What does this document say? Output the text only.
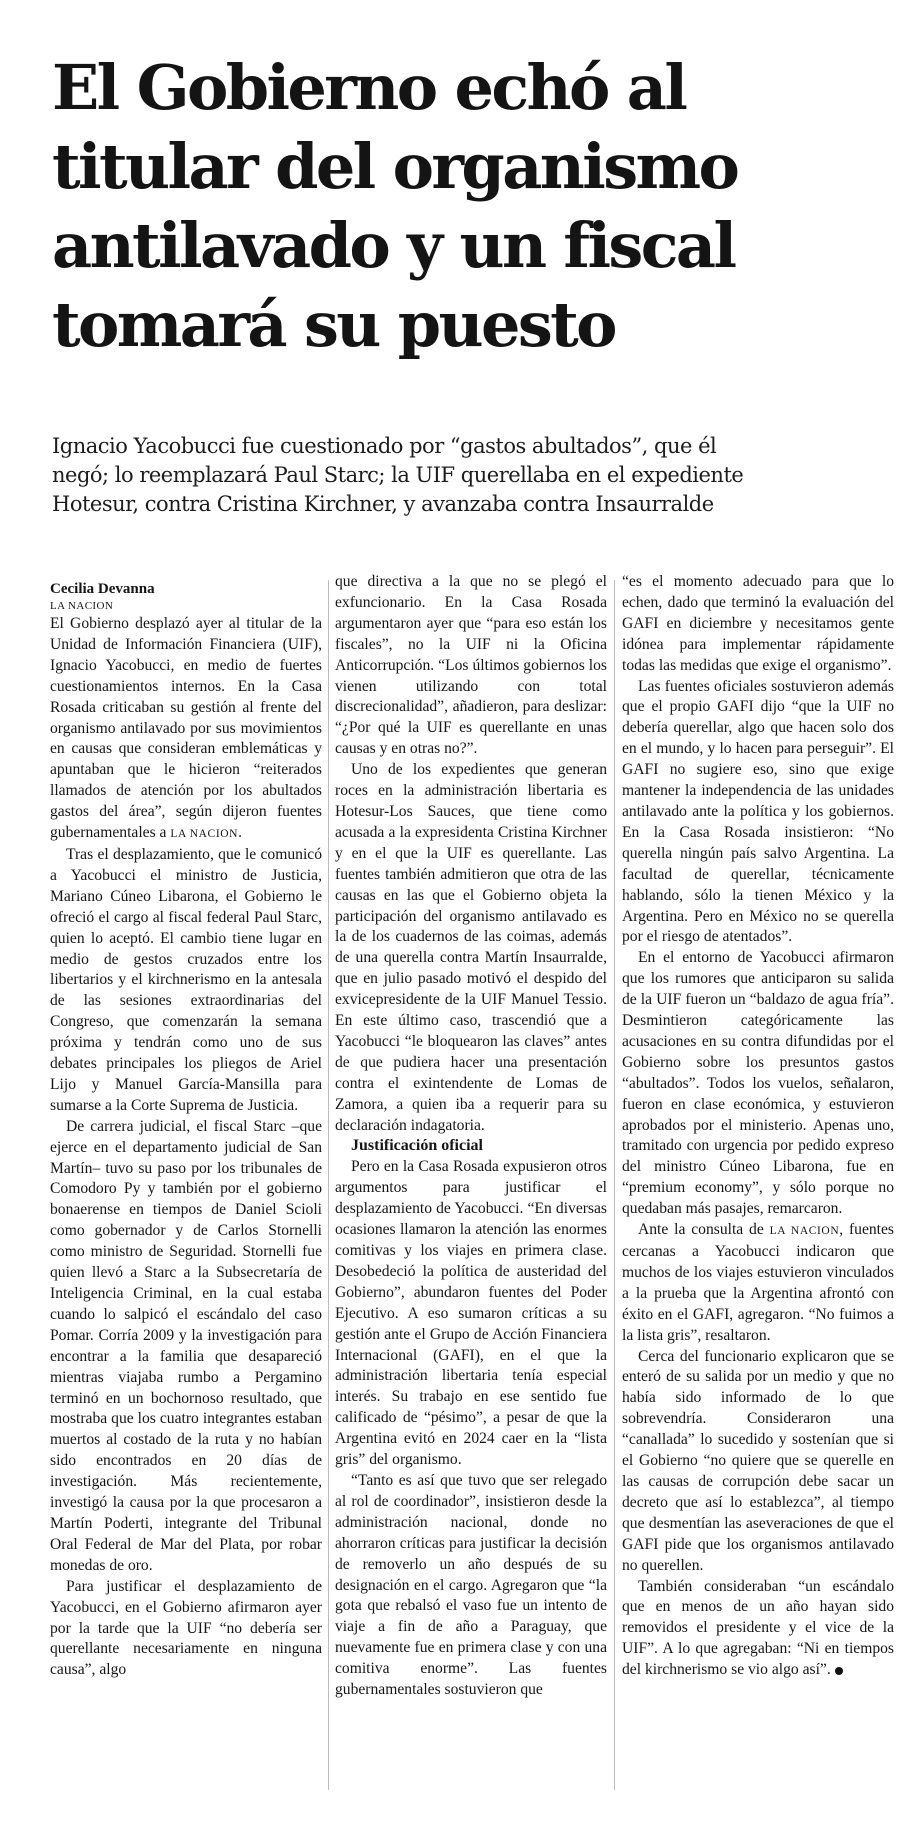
El Gobierno echó al
titular del organismo
antilavado y un fiscal
tomará su puesto
Ignacio Yacobucci fue cuestionado por “gastos abultados”, que él
negó; lo reemplazará Paul Starc; la UIF querellaba en el expediente
Hotesur, contra Cristina Kirchner, y avanzaba contra Insaurralde

Cecilia Devanna

LA NACION

El Gobierno desplazó ayer al titular de la Unidad de Información Financiera (UIF), Ignacio Yacobucci, en medio de fuertes cuestionamientos internos. En la Casa Rosada criticaban su gestión al frente del organismo antilavado por sus movimientos en causas que consideran emblemáticas y apuntaban que le hicieron “reiterados llamados de atención por los abultados gastos del área”, según dijeron fuentes gubernamentales a LA NACION.

Tras el desplazamiento, que le comunicó a Yacobucci el ministro de Justicia, Mariano Cúneo Libarona, el Gobierno le ofreció el cargo al fiscal federal Paul Starc, quien lo aceptó. El cambio tiene lugar en medio de gestos cruzados entre los libertarios y el kirchnerismo en la antesala de las sesiones extraordinarias del Congreso, que comenzarán la semana próxima y tendrán como uno de sus debates principales los pliegos de Ariel Lijo y Manuel García-Mansilla para sumarse a la Corte Suprema de Justicia.

De carrera judicial, el fiscal Starc –que ejerce en el departamento judicial de San Martín– tuvo su paso por los tribunales de Comodoro Py y también por el gobierno bonaerense en tiempos de Daniel Scioli como gobernador y de Carlos Stornelli como ministro de Seguridad. Stornelli fue quien llevó a Starc a la Subsecretaría de Inteligencia Criminal, en la cual estaba cuando lo salpicó el escándalo del caso Pomar. Corría 2009 y la investigación para encontrar a la familia que desapareció mientras viajaba rumbo a Pergamino terminó en un bochornoso resultado, que mostraba que los cuatro integrantes estaban muertos al costado de la ruta y no habían sido encontrados en 20 días de investigación. Más recientemente, investigó la causa por la que procesaron a Martín Poderti, integrante del Tribunal Oral Federal de Mar del Plata, por robar monedas de oro.

Para justificar el desplazamiento de Yacobucci, en el Gobierno afirmaron ayer por la tarde que la UIF “no debería ser querellante necesariamente en ninguna causa”, algo

que directiva a la que no se plegó el exfuncionario. En la Casa Rosada argumentaron ayer que “para eso están los fiscales”, no la UIF ni la Oficina Anticorrupción. “Los últimos gobiernos los vienen utilizando con total discrecionalidad”, añadieron, para deslizar: “¿Por qué la UIF es querellante en unas causas y en otras no?”.

Uno de los expedientes que generan roces en la administración libertaria es Hotesur-Los Sauces, que tiene como acusada a la expresidenta Cristina Kirchner y en el que la UIF es querellante. Las fuentes también admitieron que otra de las causas en las que el Gobierno objeta la participación del organismo antilavado es la de los cuadernos de las coimas, además de una querella contra Martín Insaurralde, que en julio pasado motivó el despido del exvicepresidente de la UIF Manuel Tessio. En este último caso, trascendió que a Yacobucci “le bloquearon las claves” antes de que pudiera hacer una presentación contra el exintendente de Lomas de Zamora, a quien iba a requerir para su declaración indagatoria.

Justificación oficial

Pero en la Casa Rosada expusieron otros argumentos para justificar el desplazamiento de Yacobucci. “En diversas ocasiones llamaron la atención las enormes comitivas y los viajes en primera clase. Desobedeció la política de austeridad del Gobierno”, abundaron fuentes del Poder Ejecutivo. A eso sumaron críticas a su gestión ante el Grupo de Acción Financiera Internacional (GAFI), en el que la administración libertaria tenía especial interés. Su trabajo en ese sentido fue calificado de “pésimo”, a pesar de que la Argentina evitó en 2024 caer en la “lista gris” del organismo.

“Tanto es así que tuvo que ser relegado al rol de coordinador”, insistieron desde la administración nacional, donde no ahorraron críticas para justificar la decisión de removerlo un año después de su designación en el cargo. Agregaron que “la gota que rebalsó el vaso fue un intento de viaje a fin de año a Paraguay, que nuevamente fue en primera clase y con una comitiva enorme”. Las fuentes gubernamentales sostuvieron que

“es el momento adecuado para que lo echen, dado que terminó la evaluación del GAFI en diciembre y necesitamos gente idónea para implementar rápidamente todas las medidas que exige el organismo”.

Las fuentes oficiales sostuvieron además que el propio GAFI dijo “que la UIF no debería querellar, algo que hacen solo dos en el mundo, y lo hacen para perseguir”. El GAFI no sugiere eso, sino que exige mantener la independencia de las unidades antilavado ante la política y los gobiernos. En la Casa Rosada insistieron: “No querella ningún país salvo Argentina. La facultad de querellar, técnicamente hablando, sólo la tienen México y la Argentina. Pero en México no se querella por el riesgo de atentados”.

En el entorno de Yacobucci afirmaron que los rumores que anticiparon su salida de la UIF fueron un “baldazo de agua fría”. Desmintieron categóricamente las acusaciones en su contra difundidas por el Gobierno sobre los presuntos gastos “abultados”. Todos los vuelos, señalaron, fueron en clase económica, y estuvieron aprobados por el ministerio. Apenas uno, tramitado con urgencia por pedido expreso del ministro Cúneo Libarona, fue en “premium economy”, y sólo porque no quedaban más pasajes, remarcaron.

Ante la consulta de LA NACION, fuentes cercanas a Yacobucci indicaron que muchos de los viajes estuvieron vinculados a la prueba que la Argentina afrontó con éxito en el GAFI, agregaron. “No fuimos a la lista gris”, resaltaron.

Cerca del funcionario explicaron que se enteró de su salida por un medio y que no había sido informado de lo que sobrevendría. Consideraron una “canallada” lo sucedido y sostenían que si el Gobierno “no quiere que se querelle en las causas de corrupción debe sacar un decreto que así lo establezca”, al tiempo que desmentían las aseveraciones de que el GAFI pide que los organismos antilavado no querellen.

También consideraban “un escándalo que en menos de un año hayan sido removidos el presidente y el vice de la UIF”. A lo que agregaban: “Ni en tiempos del kirchnerismo se vio algo así”.
